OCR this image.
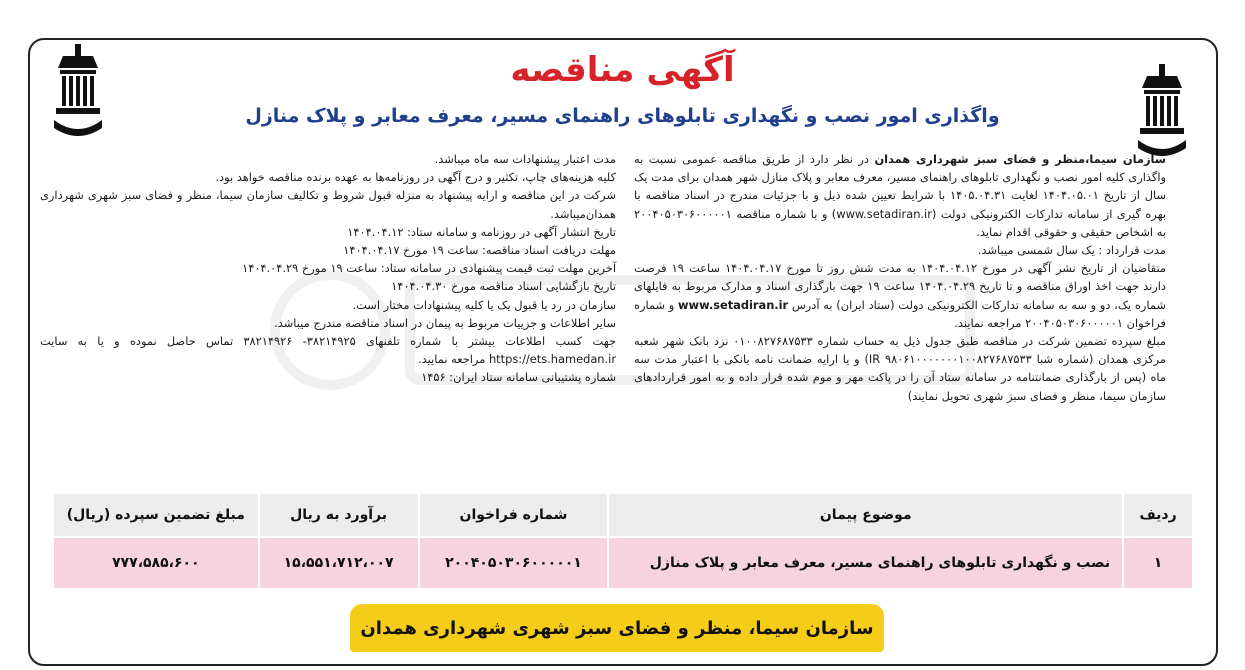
آگهی مناقصه
واگذاری امور نصب و نگهداری تابلوهای راهنمای مسیر، معرف معابر و پلاک منازل

سازمان سیما،منظر و فضای سبز شهرداری همدان در نظر دارد از طریق مناقصه عمومی نسبت به واگذاری کلیه امور نصب و نگهداری تابلوهای راهنمای مسیر، معرف معابر و پلاک منازل شهر همدان برای مدت یک سال از تاریخ ۱۴۰۴.۰۵.۰۱ لغایت ۱۴۰۵.۰۴.۳۱ با شرایط تعیین شده ذیل و با جزئیات مندرج در اسناد مناقصه با بهره گیری از سامانه تدارکات الکترونیکی دولت (www.setadiran.ir) و با شماره مناقصه ۲۰۰۴۰۵۰۳۰۶۰۰۰۰۰۱ به اشخاص حقیقی و حقوقی اقدام نماید.

مدت قرارداد : یک سال شمسی میباشد.

متقاضیان از تاریخ نشر آگهی در مورخ ۱۴۰۴.۰۴.۱۲ به مدت شش روز تا مورخ ۱۴۰۴.۰۴.۱۷ ساعت ۱۹ فرصت دارند جهت اخذ اوراق مناقصه و تا تاریخ ۱۴۰۴.۰۴.۲۹ ساعت ۱۹ جهت بارگذاری اسناد و مدارک مربوط به فایلهای شماره یک، دو و سه به سامانه تدارکات الکترونیکی دولت (ستاد ایران) به آدرس www.setadiran.ir و شماره فراخوان ۲۰۰۴۰۵۰۳۰۶۰۰۰۰۰۱ مراجعه نمایند.

مبلغ سپرده تضمین شرکت در مناقصه طبق جدول ذیل به حساب شماره ۰۱۰۰۸۲۷۶۸۷۵۳۳ نزد بانک شهر شعبه مرکزی همدان (شماره شبا IR ۹۸۰۶۱۰۰۰۰۰۰۰۱۰۰۸۲۷۶۸۷۵۳۳) و یا ارایه ضمانت نامه بانکی با اعتبار مدت سه ماه (پس از بارگذاری ضمانتنامه در سامانه ستاد آن را در پاکت مهر و موم شده قرار داده و به امور قراردادهای سازمان سیما، منظر و فضای سبز شهری تحویل نمایند)

مدت اعتبار پیشنهادات سه ماه میباشد.

کلیه هزینه‌های چاپ، تکثیر و درج آگهی در روزنامه‌ها به عهده برنده مناقصه خواهد بود.

شرکت در این مناقصه و ارایه پیشنهاد به منزله قبول شروط و تکالیف سازمان سیما، منظر و فضای سبز شهری شهرداری همدان‌میباشد.

تاریخ انتشار آگهی در روزنامه و سامانه ستاد: ۱۴۰۴.۰۴.۱۲

مهلت دریافت اسناد مناقصه: ساعت ۱۹ مورخ ۱۴۰۴.۰۴.۱۷

آخرین مهلت ثبت قیمت پیشنهادی در سامانه ستاد: ساعت ۱۹ مورخ ۱۴۰۴.۰۴.۲۹

تاریخ بازگشایی اسناد مناقصه مورخ ۱۴۰۴.۰۴.۳۰

سازمان در رد یا قبول یک یا کلیه پیشنهادات مختار است.

سایر اطلاعات و جزییات مربوط به پیمان در اسناد مناقصه مندرج میباشد.

جهت کسب اطلاعات بیشتر با شماره تلفنهای ۳۸۲۱۴۹۲۵- ۳۸۲۱۴۹۲۶ تماس حاصل نموده و یا به سایت https://ets.hamedan.ir مراجعه نمایید.

شماره پشتیبانی سامانه ستاد ایران: ۱۴۵۶

ردیف	موضوع پیمان	شماره فراخوان	برآورد به ریال	مبلغ تضمین سپرده (ریال)
۱	نصب و نگهداری تابلوهای راهنمای مسیر، معرف معابر و پلاک منازل	۲۰۰۴۰۵۰۳۰۶۰۰۰۰۰۱	۱۵،۵۵۱،۷۱۲،۰۰۷	۷۷۷،۵۸۵،۶۰۰
سازمان سیما، منظر و فضای سبز شهری شهرداری همدان
